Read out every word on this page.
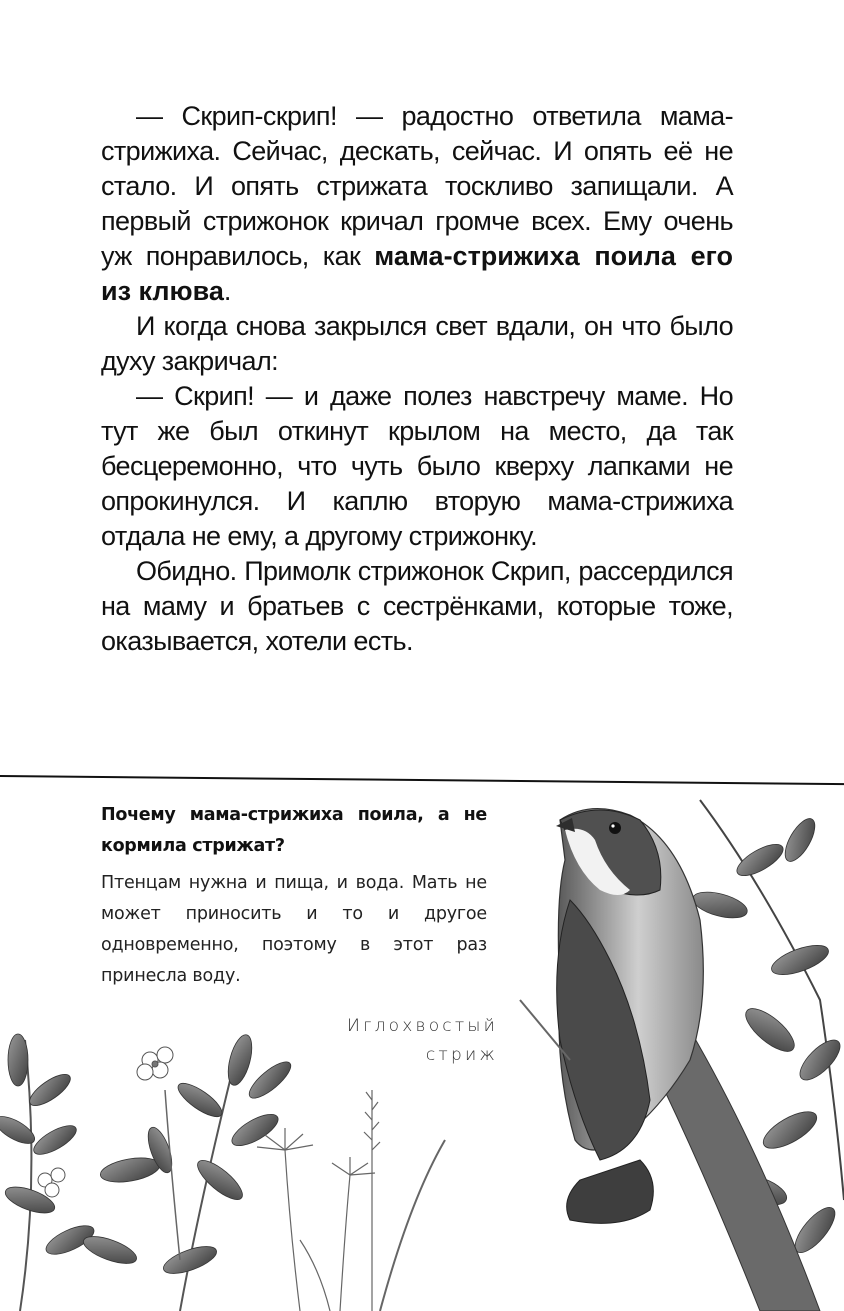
— Скрип-скрип! — радостно ответила мама-стрижиха. Сейчас, дескать, сейчас. И опять её не стало. И опять стрижата тоскливо запищали. А первый стрижонок кричал громче всех. Ему очень уж понравилось, как мама-стрижиха поила его из клюва.

И когда снова закрылся свет вдали, он что было духу закричал:

— Скрип! — и даже полез навстречу маме. Но тут же был откинут крылом на место, да так бесцеремонно, что чуть было кверху лапками не опрокинулся. И каплю вторую мама-стрижиха отдала не ему, а другому стрижонку.

Обидно. Примолк стрижонок Скрип, рассердился на маму и братьев с сестрёнками, которые тоже, оказывается, хотели есть.

Почему мама-стрижиха поила, а не кормила стрижат?

Птенцам нужна и пища, и вода. Мать не может приносить и то и другое одновременно, поэтому в этот раз принесла воду.

Иглохвостый
стриж
